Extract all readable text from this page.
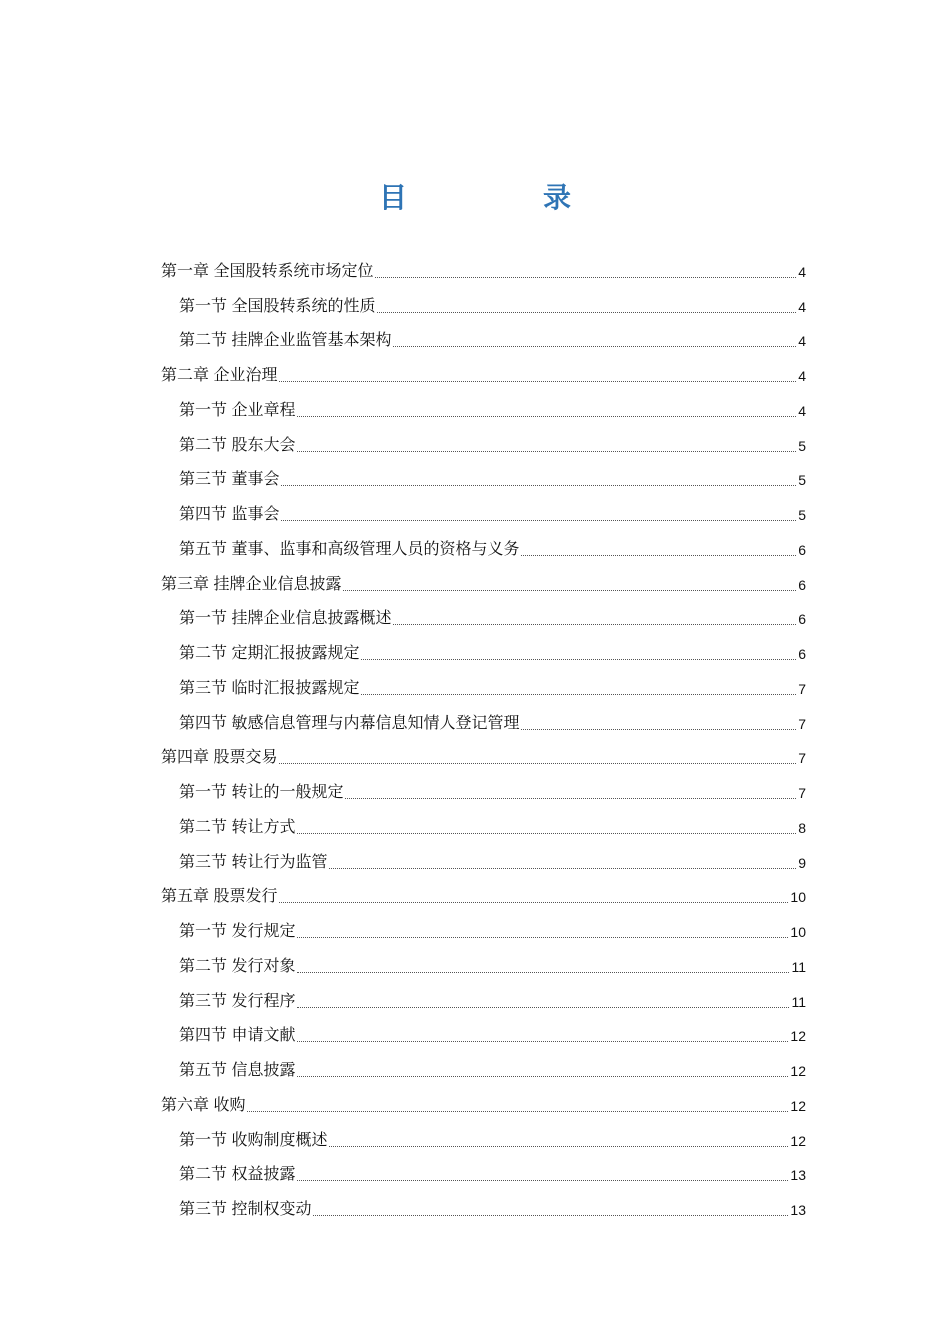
目　录
第一章 全国股转系统市场定位	4
第一节 全国股转系统的性质	4
第二节 挂牌企业监管基本架构	4
第二章 企业治理	4
第一节 企业章程	4
第二节 股东大会	5
第三节 董事会	5
第四节 监事会	5
第五节 董事、监事和高级管理人员的资格与义务	6
第三章 挂牌企业信息披露	6
第一节 挂牌企业信息披露概述	6
第二节 定期汇报披露规定	6
第三节 临时汇报披露规定	7
第四节 敏感信息管理与内幕信息知情人登记管理	7
第四章 股票交易	7
第一节 转让的一般规定	7
第二节 转让方式	8
第三节 转让行为监管	9
第五章 股票发行	10
第一节 发行规定	10
第二节 发行对象	11
第三节 发行程序	11
第四节 申请文献	12
第五节 信息披露	12
第六章 收购	12
第一节 收购制度概述	12
第二节 权益披露	13
第三节 控制权变动	13
